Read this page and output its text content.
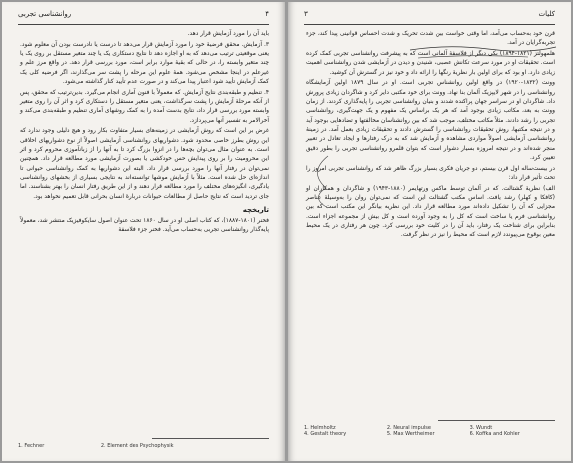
۴
روانشناسی تجربی

باید آن را مورد آزمایش قرار دهد.

۳. آزمایش. محقق فرضیهٔ خود را مورد آزمایش قرار می‌دهد تا درست یا نادرست بودن آن معلوم شود. یعنی موقعیتی ترتیب می‌دهد که به او اجازه دهد تا نتایج دستکاری یک یا چند متغیر مستقل بر روی یک یا چند متغیر وابسته را، در حالی که بقیهٔ موارد برابر است، مورد بررسی قرار دهد. در واقع مرز علم و غیرعلم در اینجا مشخص می‌شود. همهٔ علوم این مرحله را پشت سر می‌گذارند، اگر فرضیه کلی یک کمک آزمایش تأیید شود اعتبار پیدا می‌کند و در صورت عدم تأیید کنار گذاشته می‌شود.

۴. تنظیم و طبقه‌بندی نتایج آزمایش. که معمولاً با فنون آماری انجام می‌گیرد. بدین‌ترتیب که محقق، پس از آنکه مرحلهٔ آزمایش را پشت سرگذاشت، یعنی متغیر مستقل را دستکاری کرد و اثر آن را روی متغیر وابسته مورد بررسی قرار داد، نتایج بدست آمده را به کمک روشهای آماری تنظیم و طبقه‌بندی می‌کند و آخرالامر به تفسیر آنها می‌پردازد.

غرض بر این است که روش آزمایشی در زمینه‌های بسیار متفاوت بکار رود و هیچ دلیلی وجود ندارد که این روش بطرز خاصی محدود شود. دشواریهای روانشناسی آزمایشی اصولاً از نوع دشواریهای اخلاقی است. به عنوان مثال می‌توان بچه‌ها را در انزوا بزرگ کرد تا به آنها را از زبانآموزی محروم کرد و اثر این محرومیت را بر روی پیدایش حس خودکشی یا بصورت آزمایشی مورد مطالعه قرار داد. همچنین نمی‌توان در رفتار آنها را مورد بررسی قرار داد. البته این دشواریها به کمک روانشناسی حیوانی تا اندازه‌ای حل شده است. مثلاً با آزمایش موشها توانسته‌اند به نتایجی بسیاری از بخشهای روانشناسی یادگیری، انگیزه‌های مختلف را مورد مطالعه قرار دهند و از این طریق رفتار انسان را بهتر بشناسند. اما جای تردید است که نتایج حاصل از مطالعات حیوانات دربارهٔ انسان بحرانی قابل تعمیم نخواهد بود.

تاریخچه

فخنر (۱۸۰۱-۱۸۸۷)، که کتاب اصلی او در سال ۱۸۶۰ تحت عنوان اصول سایکوفیزیک منتشر شد، معمولاً پایه‌گذار روانشناسی تجربی به‌حساب می‌آید. فخنر جزء فلاسفهٔ

1. Fechner	2. Element des Psychophysik
کلیات
۳

قرن خود به‌حساب می‌آمد، اما وقتی خواست بین شدت تحریک و شدت احساس قوانینی پیدا کند، جزء تجربه‌گرایان در آمد.

هلمهولتز (۱۸۲۱-۱۸۹۴) یکی دیگر از فلاسفهٔ آلمانی است که به پیشرفت روانشناسی تجربی کمک کرده است. تحقیقات او در مورد سرعت تکانش عصبی، شنیدن و دیدن در آزمایشی شدن روانشناسی اهمیت زیادی دارد. او بود که برای اولین بار نظریهٔ رنگها را ارائه داد و خود نیز در گسترش آن کوشید.

وونت (۱۸۳۲-۱۹۲۰) در واقع اولین روانشناس تجربی است. او در سال ۱۸۷۹ اولین آزمایشگاه روانشناسی را در شهر لایپزیک آلمان بنا نهاد. وونت برای خود مکتبی دایر کرد و شاگردان زیادی پرورش داد. شاگردان او در سراسر جهان پراکنده شدند و بنیان روانشناسی تجربی را پایه‌گذاری کردند. از زمان وونت به بعد، مکاتب زیادی بوجود آمد که هر یک براساس یک مفهوم و یک جهت‌گیری، روانشناسی تجربی را رشد دادند. مثلاً مکاتب مختلف، موجب شد که بین روانشناسان مخالفتها و تضادهایی بوجود آید و در نتیجه مکتبها، روش تحقیقات روانشناسی را گسترش دادند و تحقیقات زیادی بعمل آمد. در زمینهٔ روانشناسی آزمایشی اصولاً مواردی مشاهده و آزمایش شد که به درک رفتارها و ایجاد تعادل در تعبیر منجر شده‌اند و در نتیجه امروزه بسیار دشوار است که بتوان قلمرو روانشناسی تجربی را بطور دقیق تعیین کرد.

در بیست‌ساله اول قرن بیستم، دو جریان فکری بسیار بزرگ ظاهر شد که روانشناسی تجربی امروز را تحت تأثیر قرار داد:

الف) نظریهٔ گشتالت. که در آلمان توسط ماکس ورتهایمر (۱۸۸۰-۱۹۴۳) و شاگردان و همکاران او (کافکا و کهلر) رشد یافت. اساس مکتب گشتالت این است که نمی‌توان روان را به‌وسیلهٔ عناصر مجزایی که آن را تشکیل داده‌اند مورد مطالعه قرار داد. این نظریه بیانگر این مکتب است که بین روانشناسی فرم یا ساخت است که کل را به وجود آورده است و کل بیش از مجموعه اجزاء است. بنابراین برای شناخت یک رفتار، باید آن را در کلیت خود بررسی کرد. چون هر رفتاری در یک محیط معین بوقوع می‌پیوندد لازم است که محیط را نیز در نظر گرفت.

1. Helmholtz	2. Neural impulse	3. Wundt
4. Gestalt theory	5. Max Wertheimer	6. Koffka and Kohler
